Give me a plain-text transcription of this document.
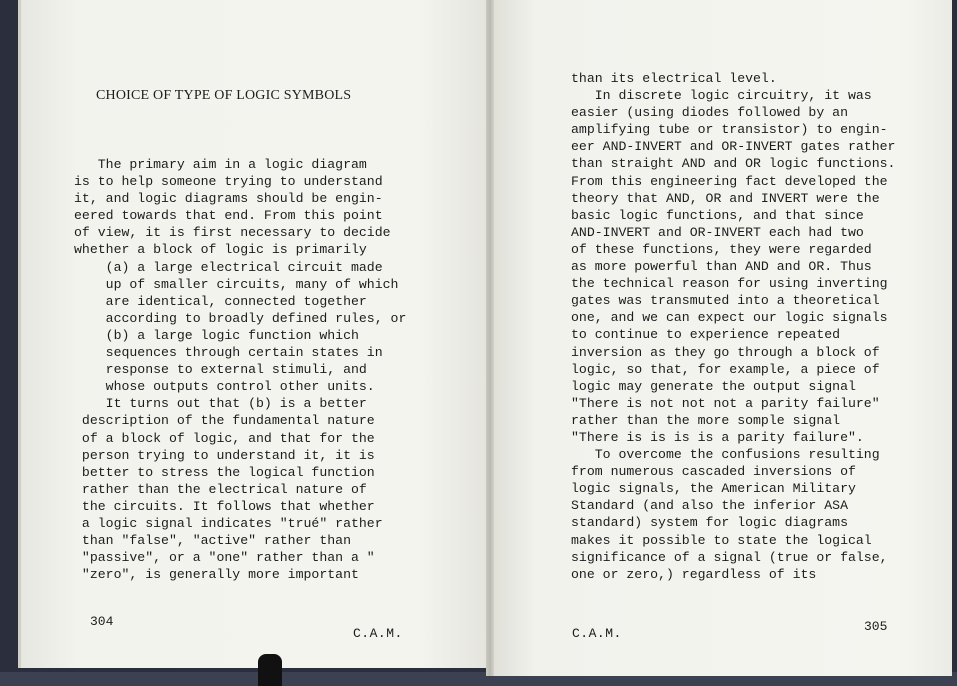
CHOICE OF TYPE OF LOGIC SYMBOLS
The primary aim in a logic diagram
is to help someone trying to understand
it, and logic diagrams should be engin-
eered towards that end. From this point
of view, it is first necessary to decide
whether a block of logic is primarily
(a) a large electrical circuit made
up of smaller circuits, many of which
are identical, connected together
according to broadly defined rules, or
(b) a large logic function which
sequences through certain states in
response to external stimuli, and
whose outputs control other units.
It turns out that (b) is a better
description of the fundamental nature
of a block of logic, and that for the
person trying to understand it, it is
better to stress the logical function
rather than the electrical nature of
the circuits. It follows that whether
a logic signal indicates "trué" rather
than "false", "active" rather than
"passive", or a "one" rather than a "
"zero", is generally more important
than its electrical level.
In discrete logic circuitry, it was
easier (using diodes followed by an
amplifying tube or transistor) to engin-
eer AND-INVERT and OR-INVERT gates rather
than straight AND and OR logic functions.
From this engineering fact developed the
theory that AND, OR and INVERT were the
basic logic functions, and that since
AND-INVERT and OR-INVERT each had two
of these functions, they were regarded
as more powerful than AND and OR. Thus
the technical reason for using inverting
gates was transmuted into a theoretical
one, and we can expect our logic signals
to continue to experience repeated
inversion as they go through a block of
logic, so that, for example, a piece of
logic may generate the output signal
"There is not not not a parity failure"
rather than the more somple signal
"There is is is is a parity failure".
To overcome the confusions resulting
from numerous cascaded inversions of
logic signals, the American Military
Standard (and also the inferior ASA
standard) system for logic diagrams
makes it possible to state the logical
significance of a signal (true or false,
one or zero,) regardless of its
304
C.A.M.	C.A.M.	305
